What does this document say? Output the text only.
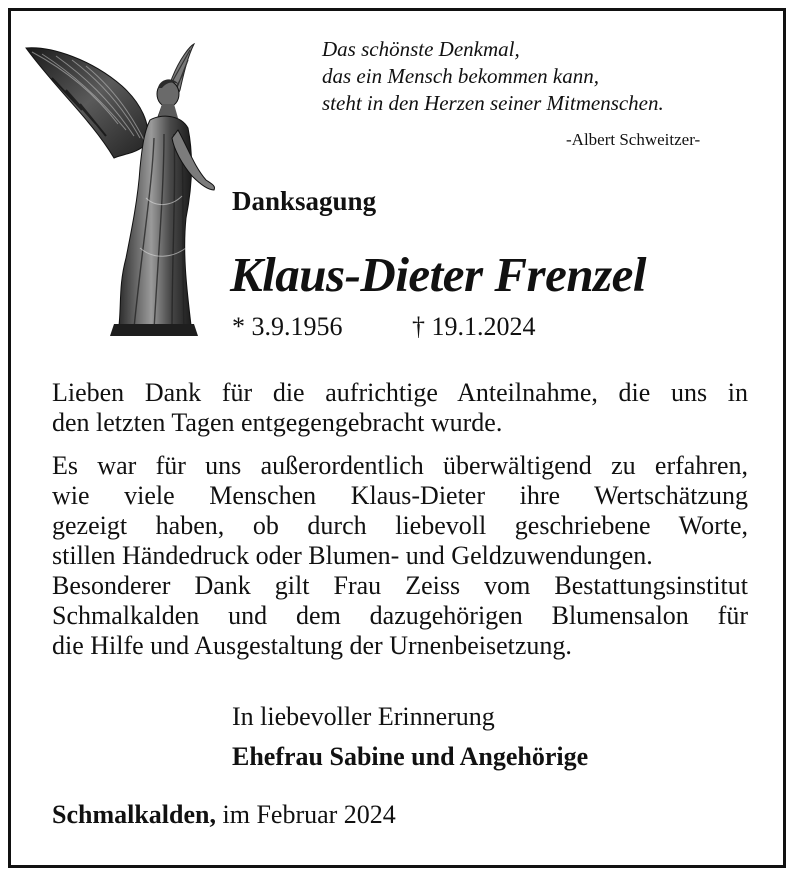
Das schönste Denkmal,
das ein Mensch bekommen kann,
steht in den Herzen seiner Mitmenschen.
-Albert Schweitzer-
Danksagung
Klaus-Dieter Frenzel
* 3.9.1956	† 19.1.2024
Lieben Dank für die aufrichtige Anteilnahme, die uns in
den letzten Tagen entgegengebracht wurde.
Es war für uns außerordentlich überwältigend zu erfahren,
wie viele Menschen Klaus-Dieter ihre Wertschätzung
gezeigt haben, ob durch liebevoll geschriebene Worte,
stillen Händedruck oder Blumen- und Geldzuwendungen.
Besonderer Dank gilt Frau Zeiss vom Bestattungsinstitut
Schmalkalden und dem dazugehörigen Blumensalon für
die Hilfe und Ausgestaltung der Urnenbeisetzung.
In liebevoller Erinnerung
Ehefrau Sabine und Angehörige
Schmalkalden, im Februar 2024
